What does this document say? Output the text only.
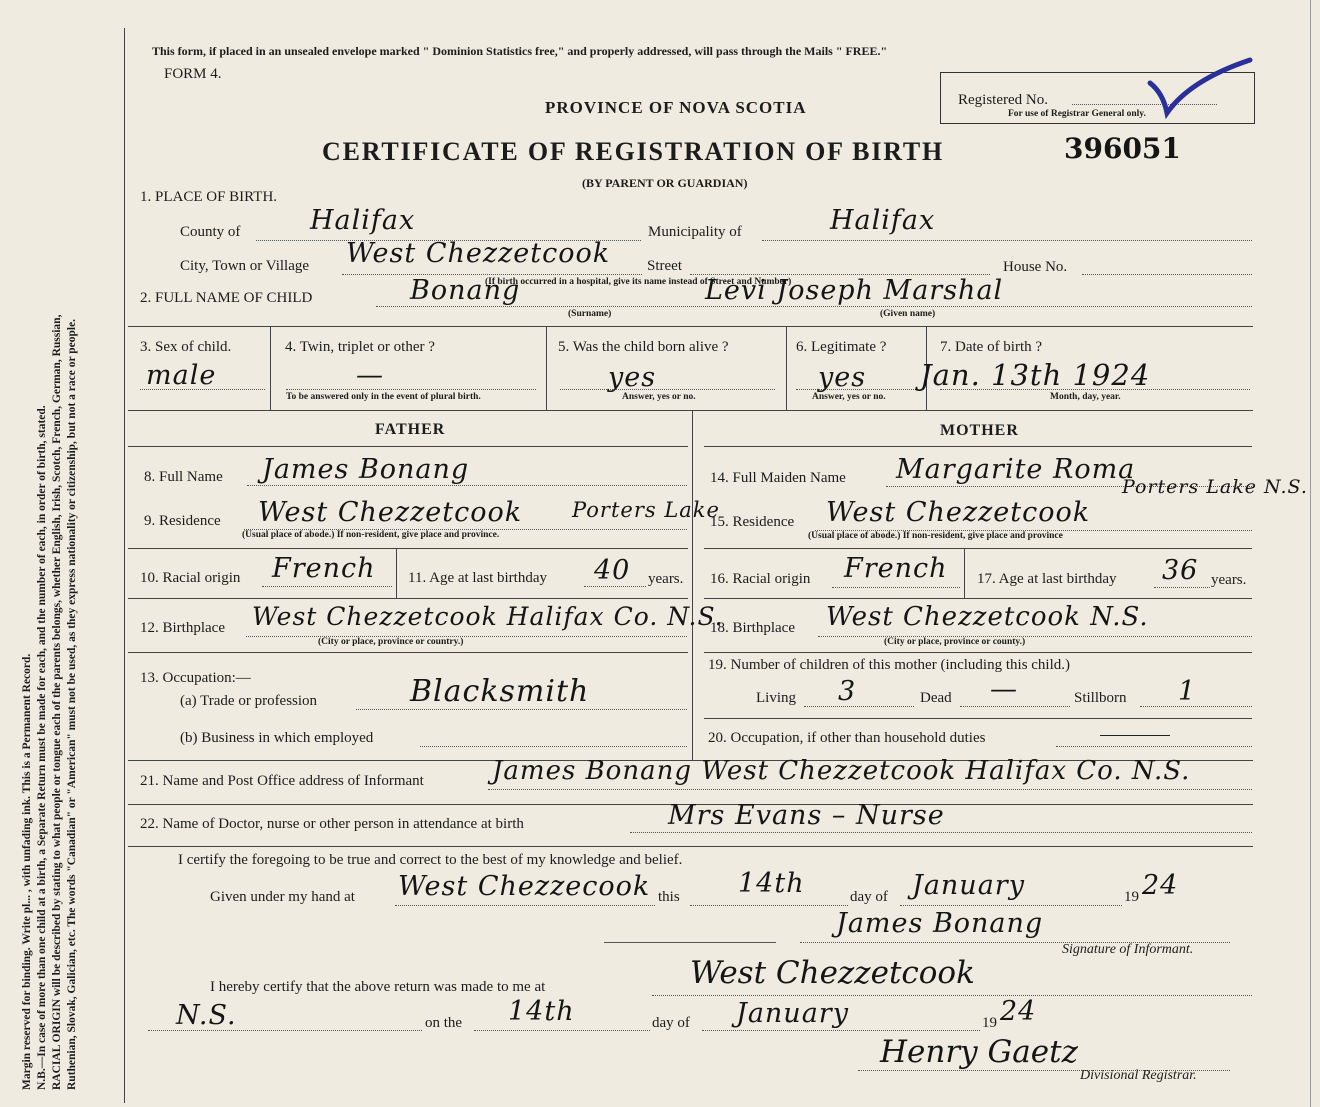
Margin reserved for binding. Write pl... , with unfading ink. This is a Permanent Record. N.B.—In case of more than one child at a birth, a Separate Return must be made for each, and the number of each, in order of birth, stated. RACIAL ORIGIN will be described by stating to what people or tongue each of the parents belongs, whether English, Irish, Scotch, French, German, Russian, Ruthenian, Slovak, Galician, etc. The words "Canadian" or "American" must not be used, as they express nationality or citizenship, but not a race or people.
This form, if placed in an unsealed envelope marked " Dominion Statistics free," and properly addressed, will pass through the Mails " FREE."
FORM 4.
PROVINCE OF NOVA SCOTIA
CERTIFICATE OF REGISTRATION OF BIRTH	396051
(BY PARENT OR GUARDIAN)
Registered No.
For use of Registrar General only.
1. PLACE OF BIRTH.
County of	Halifax	Municipality of	Halifax
City, Town or Village West Chezzetcook Street	House No.
(If birth occurred in a hospital, give its name instead of Street and Number)
2. FULL NAME OF CHILD	Bonang	Levi Joseph Marshal
(Surname)	(Given name)
3. Sex of child.
male
4. Twin, triplet or other ?
—
To be answered only in the event of plural birth.
5. Was the child born alive ?
yes
Answer, yes or no.
6. Legitimate ?
yes
Answer, yes or no.
7. Date of birth ?
Jan. 13th 1924
Month, day, year.
FATHER	MOTHER
8. Full Name James Bonang
9. Residence West Chezzetcook Porters Lake
(Usual place of abode.) If non-resident, give place and province.
10. Racial origin French 11. Age at last birthday 40 years.
12. Birthplace West Chezzetcook Halifax Co. N.S.
(City or place, province or country.)
13. Occupation:—
(a) Trade or profession	Blacksmith
(b) Business in which employed
14. Full Maiden Name Margarite Roma
15. Residence West Chezzetcook
Porters Lake N.S.
(Usual place of abode.) If non-resident, give place and province
16. Racial origin French 17. Age at last birthday 36 years.
18. Birthplace West Chezzetcook N.S.
(City or place, province or county.)
19. Number of children of this mother (including this child.)
Living 3	Dead —	Stillborn 1
20. Occupation, if other than household duties
21. Name and Post Office address of Informant	James Bonang West Chezzetcook Halifax Co. N.S.
22. Name of Doctor, nurse or other person in attendance at birth	Mrs Evans – Nurse
I certify the foregoing to be true and correct to the best of my knowledge and belief.
Given under my hand at West Chezzecook this 14th	day of January	19 24
James Bonang
Signature of Informant.
I hereby certify that the above return was made to me at	West Chezzetcook
N.S.	on the 14th	day of January	19 24
Henry Gaetz
Divisional Registrar.
